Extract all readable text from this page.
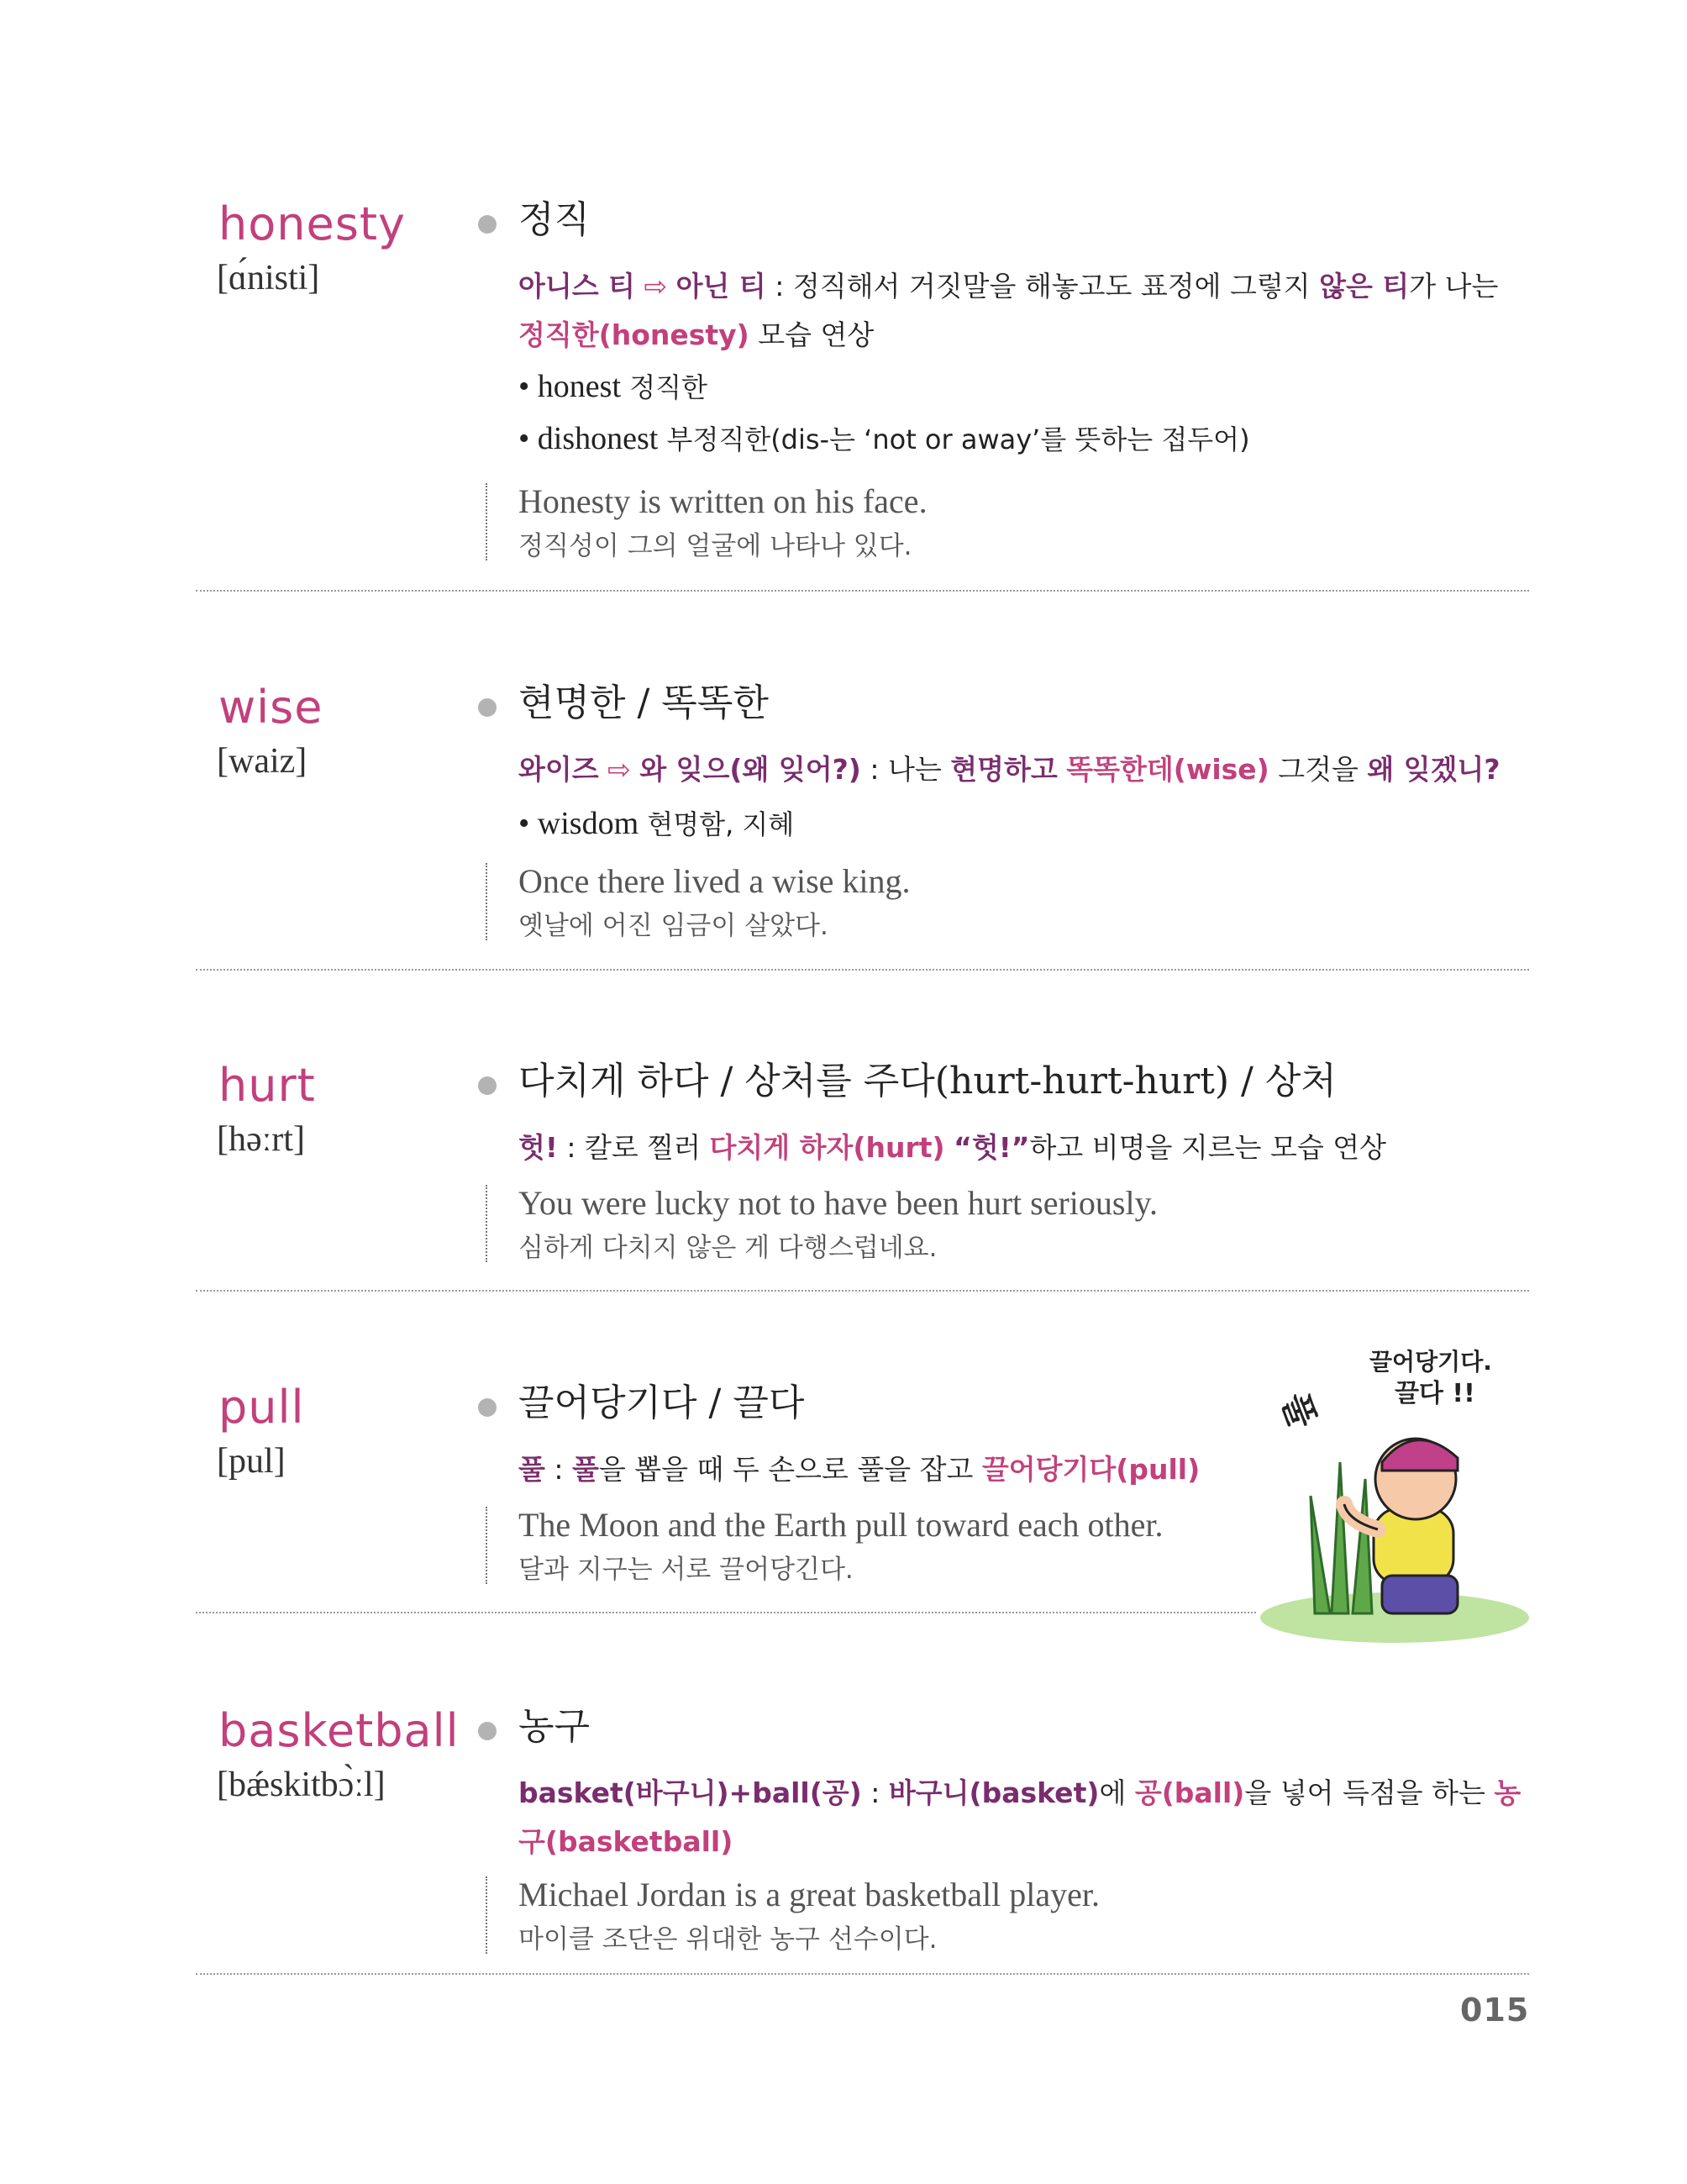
honesty
[ɑ́nisti]
정직
아니스 티 ⇨ 아닌 티 : 정직해서 거짓말을 해놓고도 표정에 그렇지 않은 티가 나는 정직한(honesty) 모습 연상
• honest 정직한
• dishonest 부정직한(dis-는 ‘not or away’를 뜻하는 접두어)
Honesty is written on his face.
정직성이 그의 얼굴에 나타나 있다.
wise
[waiz]
현명한 / 똑똑한
와이즈 ⇨ 와 잊으(왜 잊어?) : 나는 현명하고 똑똑한데(wise) 그것을 왜 잊겠니?
• wisdom 현명함, 지혜
Once there lived a wise king.
옛날에 어진 임금이 살았다.
hurt
[həːrt]
다치게 하다 / 상처를 주다(hurt-hurt-hurt) / 상처
헛! : 칼로 찔러 다치게 하자(hurt) “헛!”하고 비명을 지르는 모습 연상
You were lucky not to have been hurt seriously.
심하게 다치지 않은 게 다행스럽네요.
pull
[pul]
끌어당기다 / 끌다
풀 : 풀을 뽑을 때 두 손으로 풀을 잡고 끌어당기다(pull)
The Moon and the Earth pull toward each other.
달과 지구는 서로 끌어당긴다.
끌어당기다.
끌다 !!
풀
basketball
[bǽskitbɔ̀ːl]
농구
basket(바구니)+ball(공) : 바구니(basket)에 공(ball)을 넣어 득점을 하는 농구(basketball)
Michael Jordan is a great basketball player.
마이클 조단은 위대한 농구 선수이다.
015
